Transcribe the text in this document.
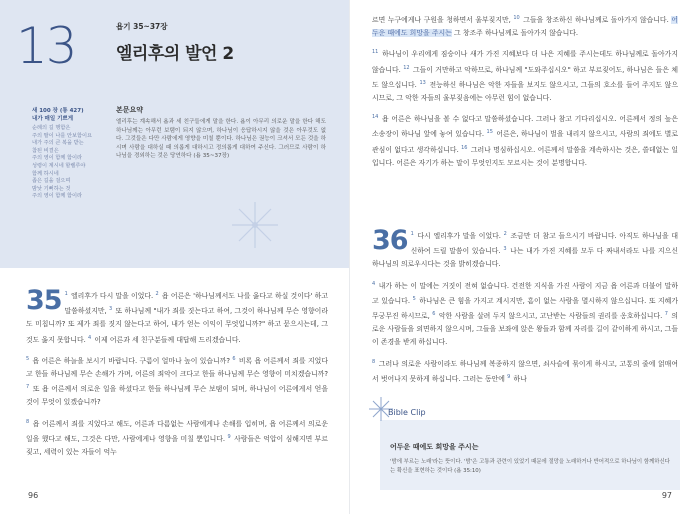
13	욥기 35~37장
엘리후의 발언 2
새 100 장 (통 427)
내가 매일 기쁘게
순례의 길 행함은
주의 팔이 나를 안보함이요
내가 주의 큰 복을 받는
참된 비결은
주의 영이 함께 함이라
성령이 계시네 할렐루야
함께 하시네
좁은 길을 걸으며
밤낮 기뻐하는 것
주의 영이 함께 함이라
본문요약
엘리후는 계속해서 욥과 세 친구들에게 말을 한다. 욥이 아무리 의로운 말을 한다 해도 하나님께는 아무런 보탬이 되지 않으며, 하나님이 응답하시지 않을 것은 아무것도 없다. 그것들은 다만 사람에게 영향을 미칠 뿐이다. 하나님은 권능이 크셔서 모든 것을 하시며 사람을 대하실 때 의롭게 대하시고 정의롭게 대하여 주신다. 그러므로 사람이 하나님을 경외하는 것은 당연하다 (욥 35~37장)

35 $^1$ 엘리후가 다시 말을 이었다. $^2$ 욥 어른은 '하나님께서도 나를 옳다고 하실 것이다' 하고 말씀하셨지만, $^3$ 또 하나님께 "내가 죄를 짓는다고 하여, 그것이 하나님께 무슨 영향이라도 미칩니까? 또 제가 죄를 짓지 않는다고 하여, 내가 얻는 이익이 무엇입니까?" 하고 묻으시는데, 그것도 옳지 못합니다. $^4$ 이제 어른과 세 친구분들께 대답해 드리겠습니다.

$^5$ 욥 어른은 하늘을 보시기 바랍니다. 구름이 얼마나 높이 있습니까? $^6$ 비록 욥 어른께서 죄를 지었다고 한들 하나님께 무슨 손해가 가며, 어른의 죄악이 크다고 한들 하나님께 무슨 영향이 미치겠습니까? $^7$ 또 욥 어른께서 의로운 일을 하셨다고 한들 하나님께 무슨 보탬이 되며, 하나님이 어른에게서 얻을 것이 무엇이 있겠습니까?

$^8$ 욥 어른께서 죄를 지었다고 해도, 어른과 다름없는 사람에게나 손해를 입히며, 욥 어른께서 의로운 일을 했다고 해도, 그것은 다만, 사람에게나 영향을 미칠 뿐입니다. $^9$ 사람들은 억압이 심해지면 부르짖고, 세력이 있는 자들이 억누

96

르면 누구에게나 구원을 청하면서 울부짖지만, $^{10}$ 그들을 창조하신 하나님께로 돌아가지 않습니다. 어두운 때에도 희망을 주시는 그 창조주 하나님께로 돌아가지 않습니다.

$^{11}$ 하나님이 우리에게 짐승이나 새가 가진 지혜보다 더 나은 지혜를 주시는데도 하나님께로 돌아가지 않습니다. $^{12}$ 그들이 거만하고 악하므로, 하나님께 "도와주십시오" 하고 부르짖어도, 하나님은 들은 체도 않으십니다. $^{13}$ 전능하신 하나님은 악한 자들을 보지도 않으시고, 그들의 호소를 들어 주지도 않으시므로, 그 악한 자들의 울부짖음에는 아무런 힘이 없습니다.

$^{14}$ 욥 어른은 하나님을 볼 수 없다고 말씀하셨습니다. 그러나 참고 기다리십시오. 어른께서 정의 높은 소송장이 하나님 앞에 놓여 있습니다. $^{15}$ 어른은, 하나님이 벌을 내리지 않으시고, 사람의 죄에도 별로 관심이 없다고 생각하십니다. $^{16}$ 그러나 명심하십시오. 어른께서 말씀을 계속하시는 것은, 쓸데없는 일입니다. 어른은 자기가 하는 말이 무엇인지도 모르시는 것이 분명합니다.

36 $^1$ 다시 엘리후가 말을 이었다. $^2$ 조금만 더 참고 들으시기 바랍니다. 아직도 하나님을 대신하여 드릴 말씀이 있습니다. $^3$ 나는 내가 가진 지혜를 모두 다 짜내서라도 나를 지으신 하나님의 의로우시다는 것을 밝히겠습니다.

$^4$ 내가 하는 이 말에는 거짓이 전혀 없습니다. 건전한 지식을 가진 사람이 지금 욥 어른과 더불어 말하고 있습니다. $^5$ 하나님은 큰 힘을 가지고 계시지만, 흠이 없는 사람을 멸시하지 않으십니다. 또 지혜가 무궁무진 하시므로, $^6$ 악한 사람을 살려 두지 않으시고, 고난받는 사람들의 권리를 옹호하십니다. $^7$ 의로운 사람들을 외면하지 않으시며, 그들을 보좌에 앉은 왕들과 함께 자리를 길이 같이하게 하시고, 그들이 존경을 받게 하십니다.

$^8$ 그러나 의로운 사람이라도 하나님께 복종하지 않으면, 쇠사슬에 묶이게 하시고, 고통의 줄에 얽매여서 벗어나지 못하게 하십니다. 그러는 동안에 $^9$ 하나

97
Bible Clip
어두운 때에도 희망을 주시는
'밤에 부르는 노래'라는 뜻이다. '밤'은 고통과 관련이 있었기 때문에 절망을 노래하거나 반어적으로 하나님이 함께하신다는 확신을 표현하는 것이다 (욥 35:10)
